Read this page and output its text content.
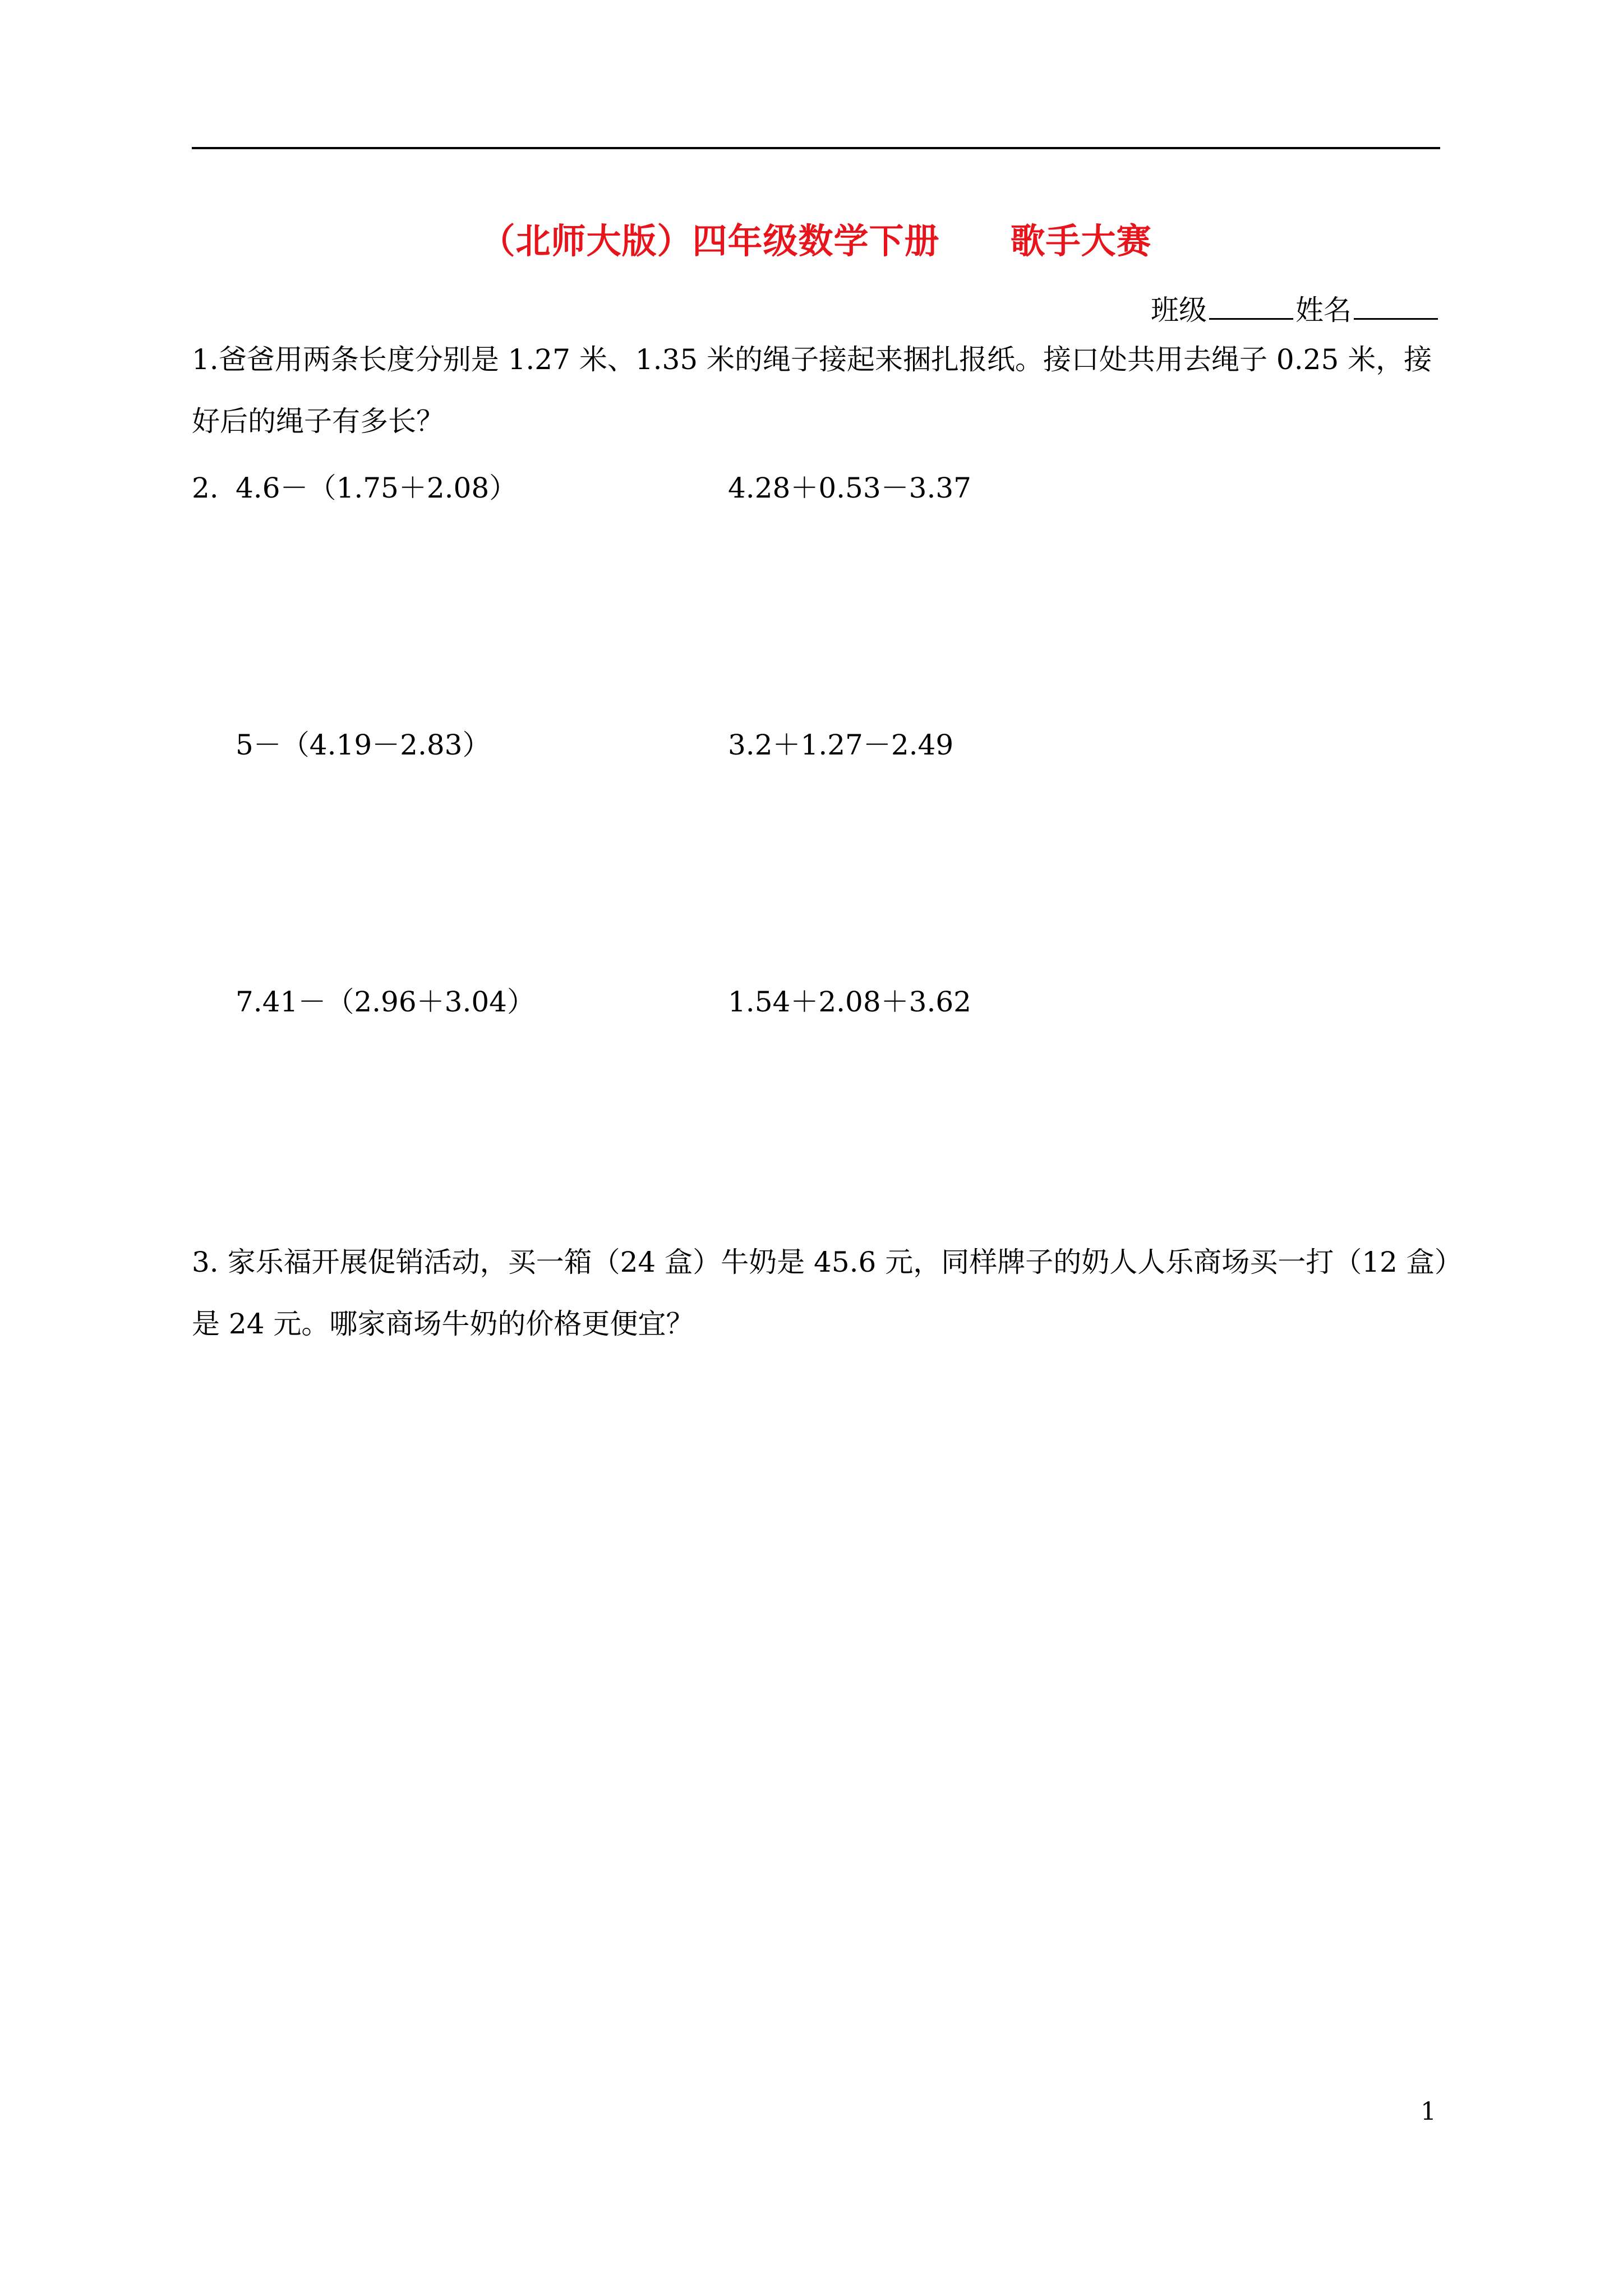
（北师大版）四年级数学下册　　歌手大赛
班级	姓名
1.爸爸用两条长度分别是 1.27 米、1.35 米的绳子接起来捆扎报纸。接口处共用去绳子 0.25 米，接
好后的绳子有多长？
2. 4.6－（1.75＋2.08）	4.28＋0.53－3.37
5－（4.19－2.83）	3.2＋1.27－2.49
7.41－（2.96＋3.04）	1.54＋2.08＋3.62
3. 家乐福开展促销活动，买一箱（24 盒）牛奶是 45.6 元，同样牌子的奶人人乐商场买一打（12 盒）
是 24 元。哪家商场牛奶的价格更便宜？
1
